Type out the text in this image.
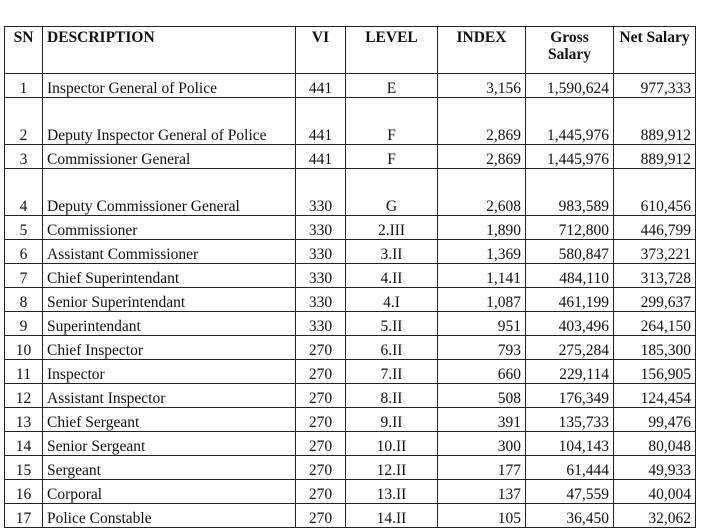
SN	DESCRIPTION	VI	LEVEL	INDEX	Gross Salary	Net Salary
1	Inspector General of Police	441	E	3,156	1,590,624	977,333
2	Deputy Inspector General of Police	441	F	2,869	1,445,976	889,912
3	Commissioner General	441	F	2,869	1,445,976	889,912
4	Deputy Commissioner General	330	G	2,608	983,589	610,456
5	Commissioner	330	2.III	1,890	712,800	446,799
6	Assistant Commissioner	330	3.II	1,369	580,847	373,221
7	Chief Superintendant	330	4.II	1,141	484,110	313,728
8	Senior Superintendant	330	4.I	1,087	461,199	299,637
9	Superintendant	330	5.II	951	403,496	264,150
10	Chief Inspector	270	6.II	793	275,284	185,300
11	Inspector	270	7.II	660	229,114	156,905
12	Assistant Inspector	270	8.II	508	176,349	124,454
13	Chief Sergeant	270	9.II	391	135,733	99,476
14	Senior Sergeant	270	10.II	300	104,143	80,048
15	Sergeant	270	12.II	177	61,444	49,933
16	Corporal	270	13.II	137	47,559	40,004
17	Police Constable	270	14.II	105	36,450	32,062
